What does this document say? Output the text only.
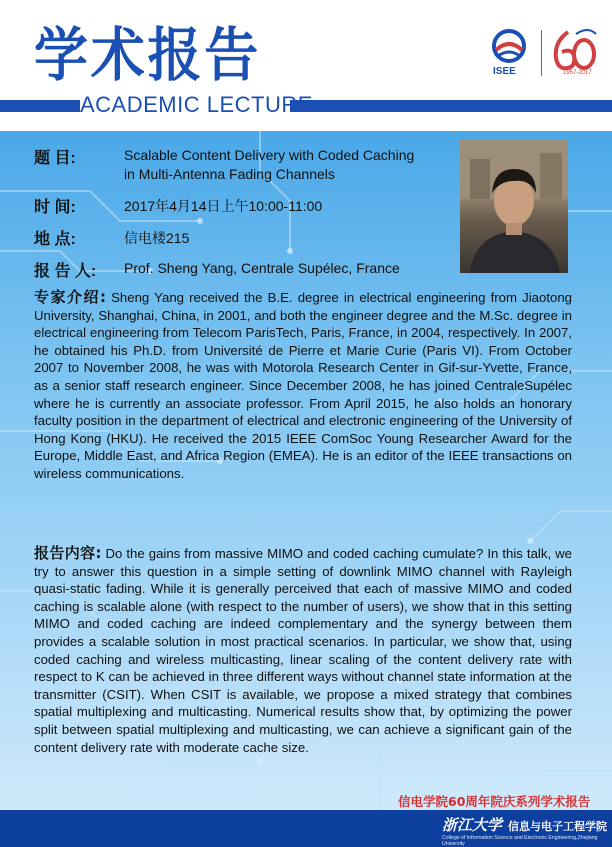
学术报告
ACADEMIC LECTURE
ISEE	1957-2017
题 目:	Scalable Content Delivery with Coded Caching
in Multi-Antenna Fading Channels
时 间:	2017年4月14日上午10:00-11:00
地 点:	信电楼215
报 告 人: Prof. Sheng Yang, Centrale Supélec, France
专家介绍: Sheng Yang received the B.E. degree in electrical engineering from Jiaotong University, Shanghai, China, in 2001, and both the engineer degree and the M.Sc. degree in electrical engineering from Telecom ParisTech, Paris, France, in 2004, respectively. In 2007, he obtained his Ph.D. from Université de Pierre et Marie Curie (Paris VI). From October 2007 to November 2008, he was with Motorola Research Center in Gif-sur-Yvette, France, as a senior staff research engineer. Since December 2008, he has joined CentraleSupélec where he is currently an associate professor. From April 2015, he also holds an honorary faculty position in the department of electrical and electronic engineering of the University of Hong Kong (HKU). He received the 2015 IEEE ComSoc Young Researcher Award for the Europe, Middle East, and Africa Region (EMEA). He is an editor of the IEEE transactions on wireless communications.
报告内容: Do the gains from massive MIMO and coded caching cumulate? In this talk, we try to answer this question in a simple setting of downlink MIMO channel with Rayleigh quasi-static fading. While it is generally perceived that each of massive MIMO and coded caching is scalable alone (with respect to the number of users), we show that in this setting MIMO and coded caching are indeed complementary and the synergy between them provides a scalable solution in most practical scenarios. In particular, we show that, using coded caching and wireless multicasting, linear scaling of the content delivery rate with respect to K can be achieved in three different ways without channel state information at the transmitter (CSIT). When CSIT is available, we propose a mixed strategy that combines spatial multiplexing and multicasting. Numerical results show that, by optimizing the power split between spatial multiplexing and multicasting, we can achieve a significant gain of the content delivery rate with moderate cache size.
信电学院60周年院庆系列学术报告
浙江大学 信息与电子工程学院
College of Information Science and Electronic Engineering,Zhejiang University
